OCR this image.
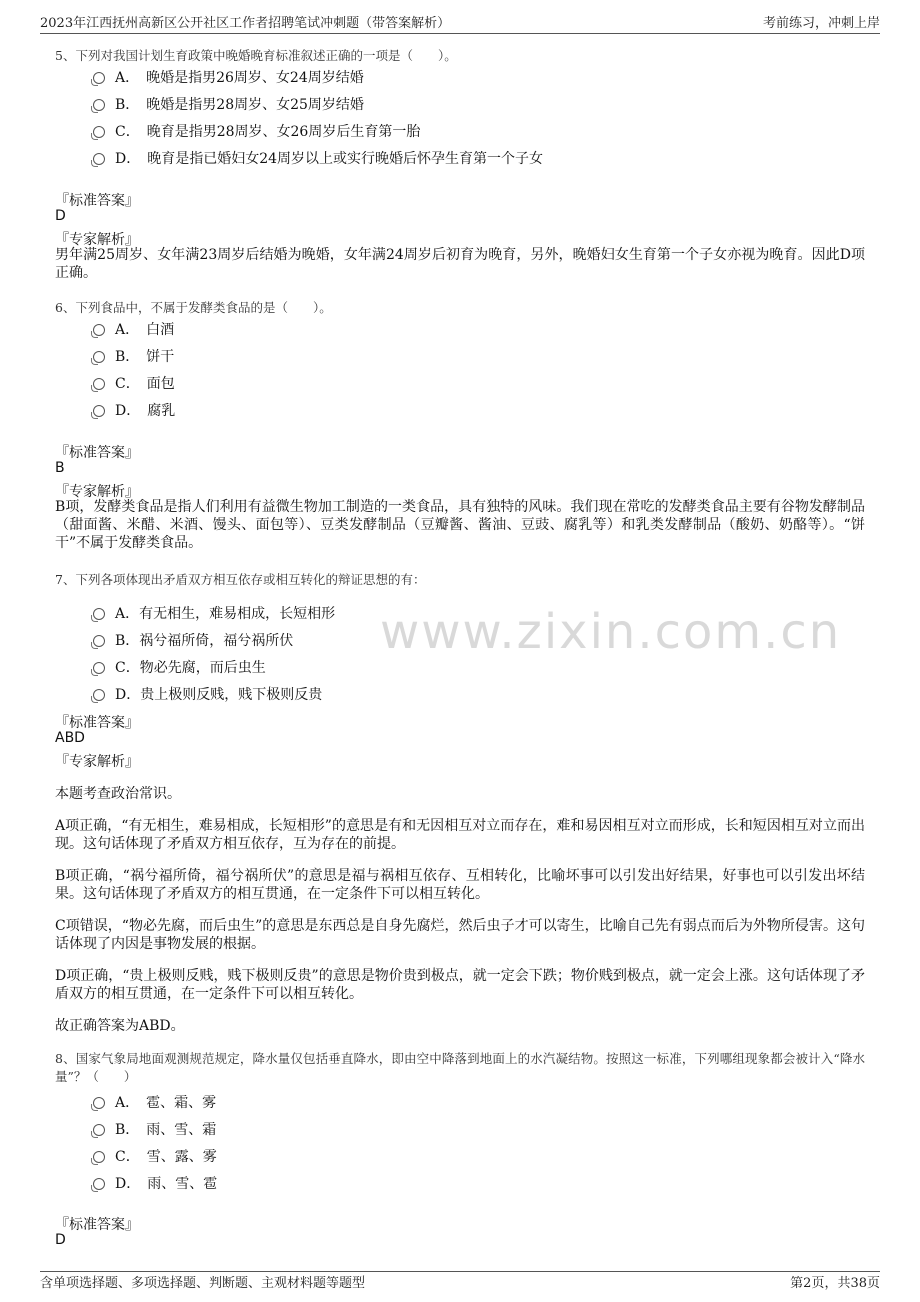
2023年江西抚州高新区公开社区工作者招聘笔试冲刺题（带答案解析）	考前练习，冲刺上岸
www.zixin.com.cn
5、下列对我国计划生育政策中晚婚晚育标准叙述正确的一项是（　　）。
A．　晚婚是指男26周岁、女24周岁结婚
B．　晚婚是指男28周岁、女25周岁结婚
C．　晚育是指男28周岁、女26周岁后生育第一胎
D．　晚育是指已婚妇女24周岁以上或实行晚婚后怀孕生育第一个子女
『标准答案』
D
『专家解析』
男年满25周岁、女年满23周岁后结婚为晚婚，女年满24周岁后初育为晚育，另外，晚婚妇女生育第一个子女亦视为晚育。因此D项正确。
6、下列食品中，不属于发酵类食品的是（　　）。
A．　白酒
B．　饼干
C．　面包
D．　腐乳
『标准答案』
B
『专家解析』
B项，发酵类食品是指人们利用有益微生物加工制造的一类食品，具有独特的风味。我们现在常吃的发酵类食品主要有谷物发酵制品（甜面酱、米醋、米酒、馒头、面包等）、豆类发酵制品（豆瓣酱、酱油、豆豉、腐乳等）和乳类发酵制品（酸奶、奶酪等）。“饼干”不属于发酵类食品。
7、下列各项体现出矛盾双方相互依存或相互转化的辩证思想的有：
A．有无相生，难易相成，长短相形
B．祸兮福所倚，福兮祸所伏
C．物必先腐，而后虫生
D．贵上极则反贱，贱下极则反贵
『标准答案』
ABD
『专家解析』
本题考查政治常识。
A项正确，“有无相生，难易相成，长短相形”的意思是有和无因相互对立而存在，难和易因相互对立而形成，长和短因相互对立而出现。这句话体现了矛盾双方相互依存，互为存在的前提。
B项正确，“祸兮福所倚，福兮祸所伏”的意思是福与祸相互依存、互相转化，比喻坏事可以引发出好结果，好事也可以引发出坏结果。这句话体现了矛盾双方的相互贯通，在一定条件下可以相互转化。
C项错误，“物必先腐，而后虫生”的意思是东西总是自身先腐烂，然后虫子才可以寄生，比喻自己先有弱点而后为外物所侵害。这句话体现了内因是事物发展的根据。
D项正确，“贵上极则反贱，贱下极则反贵”的意思是物价贵到极点，就一定会下跌；物价贱到极点，就一定会上涨。这句话体现了矛盾双方的相互贯通，在一定条件下可以相互转化。
故正确答案为ABD。
8、国家气象局地面观测规范规定，降水量仅包括垂直降水，即由空中降落到地面上的水汽凝结物。按照这一标准，下列哪组现象都会被计入“降水量”？（　　）
A．　雹、霜、雾
B．　雨、雪、霜
C．　雪、露、雾
D．　雨、雪、雹
『标准答案』
D
含单项选择题、多项选择题、判断题、主观材料题等题型	第2页，共38页
